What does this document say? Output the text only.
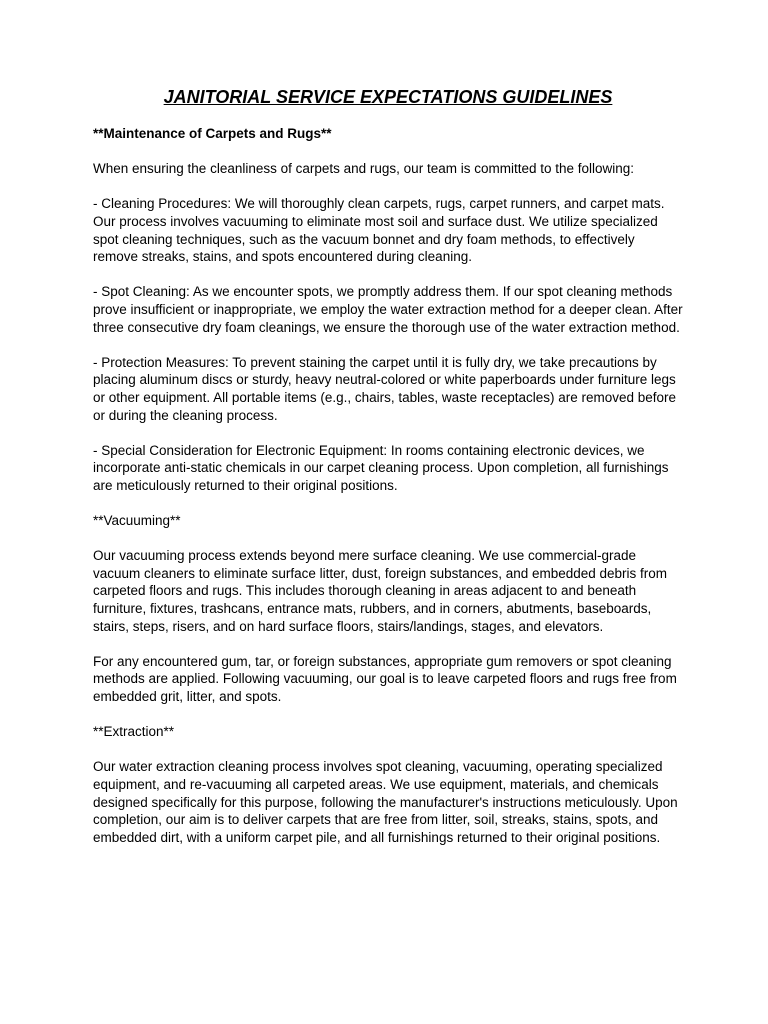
JANITORIAL SERVICE EXPECTATIONS GUIDELINES

**Maintenance of Carpets and Rugs**

When ensuring the cleanliness of carpets and rugs, our team is committed to the following:

- Cleaning Procedures: We will thoroughly clean carpets, rugs, carpet runners, and carpet mats. Our process involves vacuuming to eliminate most soil and surface dust. We utilize specialized spot cleaning techniques, such as the vacuum bonnet and dry foam methods, to effectively remove streaks, stains, and spots encountered during cleaning.

- Spot Cleaning: As we encounter spots, we promptly address them. If our spot cleaning methods prove insufficient or inappropriate, we employ the water extraction method for a deeper clean. After three consecutive dry foam cleanings, we ensure the thorough use of the water extraction method.

- Protection Measures: To prevent staining the carpet until it is fully dry, we take precautions by placing aluminum discs or sturdy, heavy neutral-colored or white paperboards under furniture legs or other equipment. All portable items (e.g., chairs, tables, waste receptacles) are removed before or during the cleaning process.

- Special Consideration for Electronic Equipment: In rooms containing electronic devices, we incorporate anti-static chemicals in our carpet cleaning process. Upon completion, all furnishings are meticulously returned to their original positions.

**Vacuuming**

Our vacuuming process extends beyond mere surface cleaning. We use commercial-grade vacuum cleaners to eliminate surface litter, dust, foreign substances, and embedded debris from carpeted floors and rugs. This includes thorough cleaning in areas adjacent to and beneath furniture, fixtures, trashcans, entrance mats, rubbers, and in corners, abutments, baseboards, stairs, steps, risers, and on hard surface floors, stairs/landings, stages, and elevators.

For any encountered gum, tar, or foreign substances, appropriate gum removers or spot cleaning methods are applied. Following vacuuming, our goal is to leave carpeted floors and rugs free from embedded grit, litter, and spots.

**Extraction**

Our water extraction cleaning process involves spot cleaning, vacuuming, operating specialized equipment, and re-vacuuming all carpeted areas. We use equipment, materials, and chemicals designed specifically for this purpose, following the manufacturer's instructions meticulously. Upon completion, our aim is to deliver carpets that are free from litter, soil, streaks, stains, spots, and embedded dirt, with a uniform carpet pile, and all furnishings returned to their original positions.
